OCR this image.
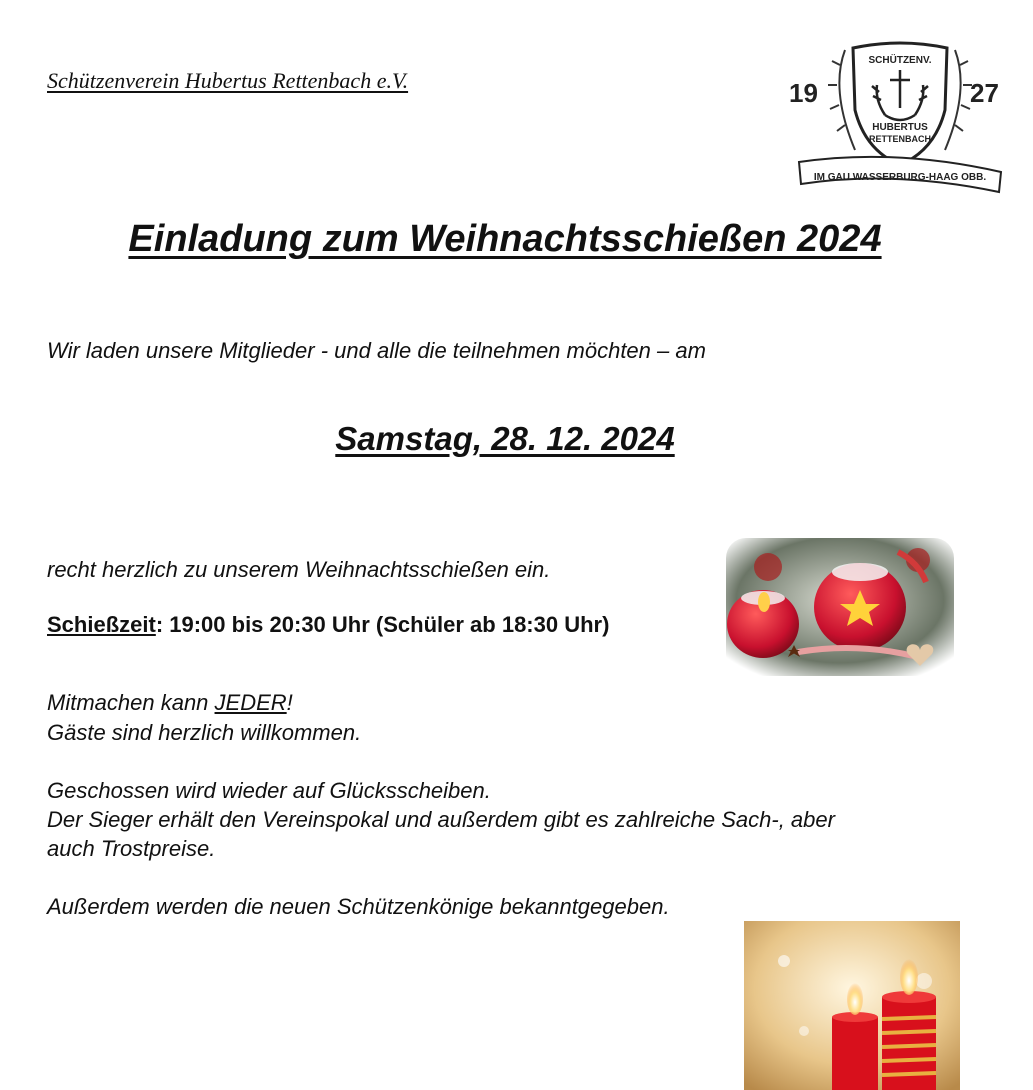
Schützenverein Hubertus Rettenbach e.V.	19	27
SCHÜTZENV.
HUBERTUS
RETTENBACH
IM GAU WASSERBURG-HAAG OBB.
Einladung zum Weihnachtsschießen 2024
Wir laden unsere Mitglieder - und alle die teilnehmen möchten – am
Samstag, 28. 12. 2024
recht herzlich zu unserem Weihnachtsschießen ein.
Schießzeit: 19:00 bis 20:30 Uhr (Schüler ab 18:30 Uhr)
Mitmachen kann JEDER!
Gäste sind herzlich willkommen.
Geschossen wird wieder auf Glücksscheiben.
Der Sieger erhält den Vereinspokal und außerdem gibt es zahlreiche Sach-, aber
auch Trostpreise.
Außerdem werden die neuen Schützenkönige bekanntgegeben.
